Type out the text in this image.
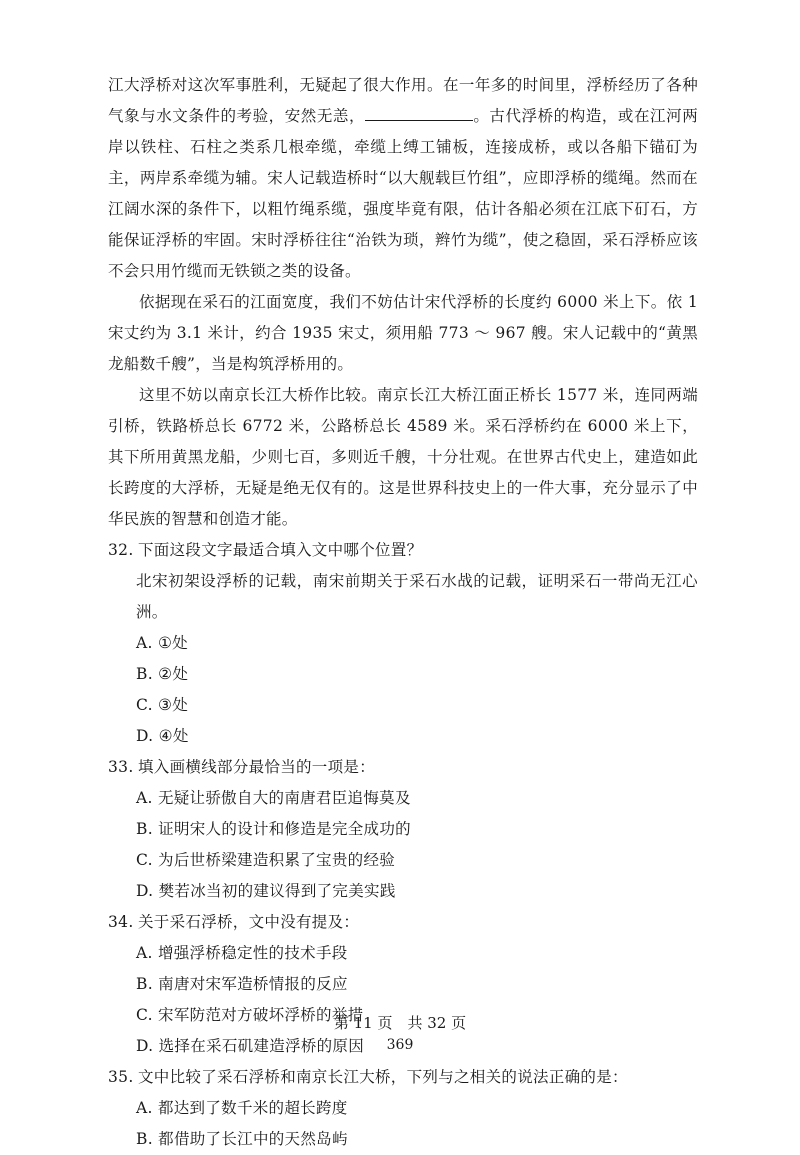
江大浮桥对这次军事胜利，无疑起了很大作用。在一年多的时间里，浮桥经历了各种气象与水文条件的考验，安然无恙，	。古代浮桥的构造，或在江河两岸以铁柱、石柱之类系几根牵缆，牵缆上缚工铺板，连接成桥，或以各船下锚矴为主，两岸系牵缆为辅。宋人记载造桥时“以大舰载巨竹组”，应即浮桥的缆绳。然而在江阔水深的条件下，以粗竹绳系缆，强度毕竟有限，估计各船必须在江底下矴石，方能保证浮桥的牢固。宋时浮桥往往“治铁为琐，辫竹为缆”，使之稳固，采石浮桥应该不会只用竹缆而无铁锁之类的设备。

依据现在采石的江面宽度，我们不妨估计宋代浮桥的长度约 6000 米上下。依 1 宋丈约为 3.1 米计，约合 1935 宋丈，须用船 773 ～ 967 艘。宋人记载中的“黄黑龙船数千艘”，当是构筑浮桥用的。

这里不妨以南京长江大桥作比较。南京长江大桥江面正桥长 1577 米，连同两端引桥，铁路桥总长 6772 米，公路桥总长 4589 米。采石浮桥约在 6000 米上下，其下所用黄黑龙船，少则七百，多则近千艘，十分壮观。在世界古代史上，建造如此长跨度的大浮桥，无疑是绝无仅有的。这是世界科技史上的一件大事，充分显示了中华民族的智慧和创造才能。

32. 下面这段文字最适合填入文中哪个位置？
北宋初架设浮桥的记载，南宋前期关于采石水战的记载，证明采石一带尚无江心洲。
A. ①处B. ②处 C. ③处D. ④处
33. 填入画横线部分最恰当的一项是：
A. 无疑让骄傲自大的南唐君臣追悔莫及
B. 证明宋人的设计和修造是完全成功的
C. 为后世桥梁建造积累了宝贵的经验
D. 樊若冰当初的建议得到了完美实践
34. 关于采石浮桥，文中没有提及：
A. 增强浮桥稳定性的技术手段
B. 南唐对宋军造桥情报的反应
C. 宋军防范对方破坏浮桥的举措
D. 选择在采石矶建造浮桥的原因
35. 文中比较了采石浮桥和南京长江大桥，下列与之相关的说法正确的是：
A. 都达到了数千米的超长跨度B. 都借助了长江中的天然岛屿
第 11 页　共 32 页
369
